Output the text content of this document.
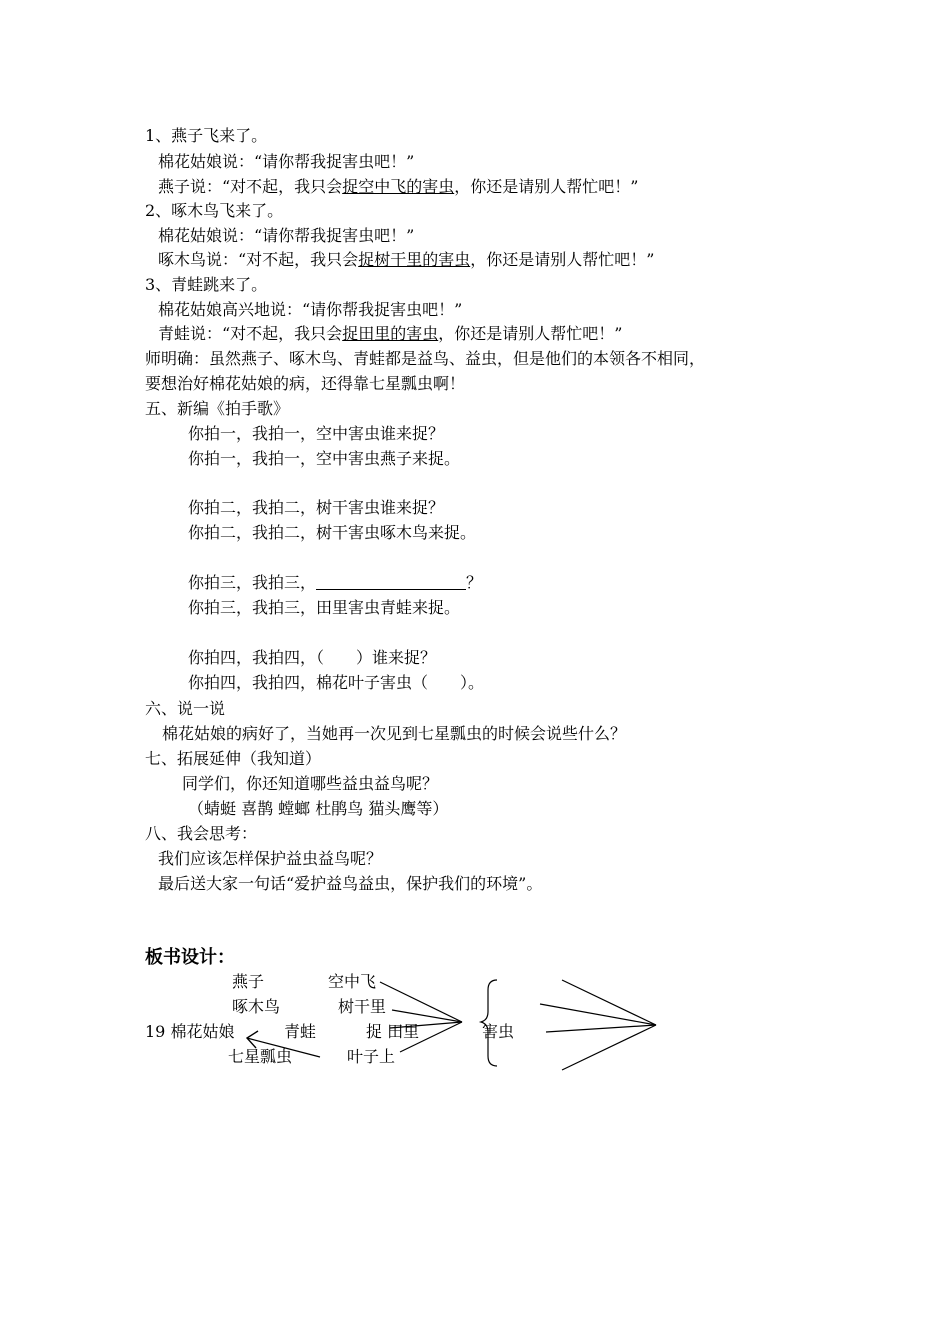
1、燕子飞来了。
棉花姑娘说：“请你帮我捉害虫吧！”
燕子说：“对不起，我只会捉空中飞的害虫，你还是请别人帮忙吧！”
2、啄木鸟飞来了。
棉花姑娘说：“请你帮我捉害虫吧！”
啄木鸟说：“对不起，我只会捉树干里的害虫，你还是请别人帮忙吧！”
3、青蛙跳来了。
棉花姑娘高兴地说：“请你帮我捉害虫吧！”
青蛙说：“对不起，我只会捉田里的害虫，你还是请别人帮忙吧！”
师明确：虽然燕子、啄木鸟、青蛙都是益鸟、益虫，但是他们的本领各不相同，
要想治好棉花姑娘的病，还得靠七星瓢虫啊！
五、新编《拍手歌》
你拍一，我拍一，空中害虫谁来捉？
你拍一，我拍一，空中害虫燕子来捉。
你拍二，我拍二，树干害虫谁来捉？
你拍二，我拍二，树干害虫啄木鸟来捉。
你拍三，我拍三，	？
你拍三，我拍三，田里害虫青蛙来捉。
你拍四，我拍四，（　　）谁来捉？
你拍四，我拍四，棉花叶子害虫（　　）。
六、说一说
棉花姑娘的病好了，当她再一次见到七星瓢虫的时候会说些什么？
七、拓展延伸（我知道）
同学们，你还知道哪些益虫益鸟呢？
（蜻蜓 喜鹊 螳螂 杜鹃鸟 猫头鹰等）
八、我会思考：
我们应该怎样保护益虫益鸟呢？
最后送大家一句话“爱护益鸟益虫，保护我们的环境”。
板书设计：
燕子	空中飞
啄木鸟	树干里
19 棉花姑娘	青蛙	捉 田里	害虫
七星瓢虫	叶子上
